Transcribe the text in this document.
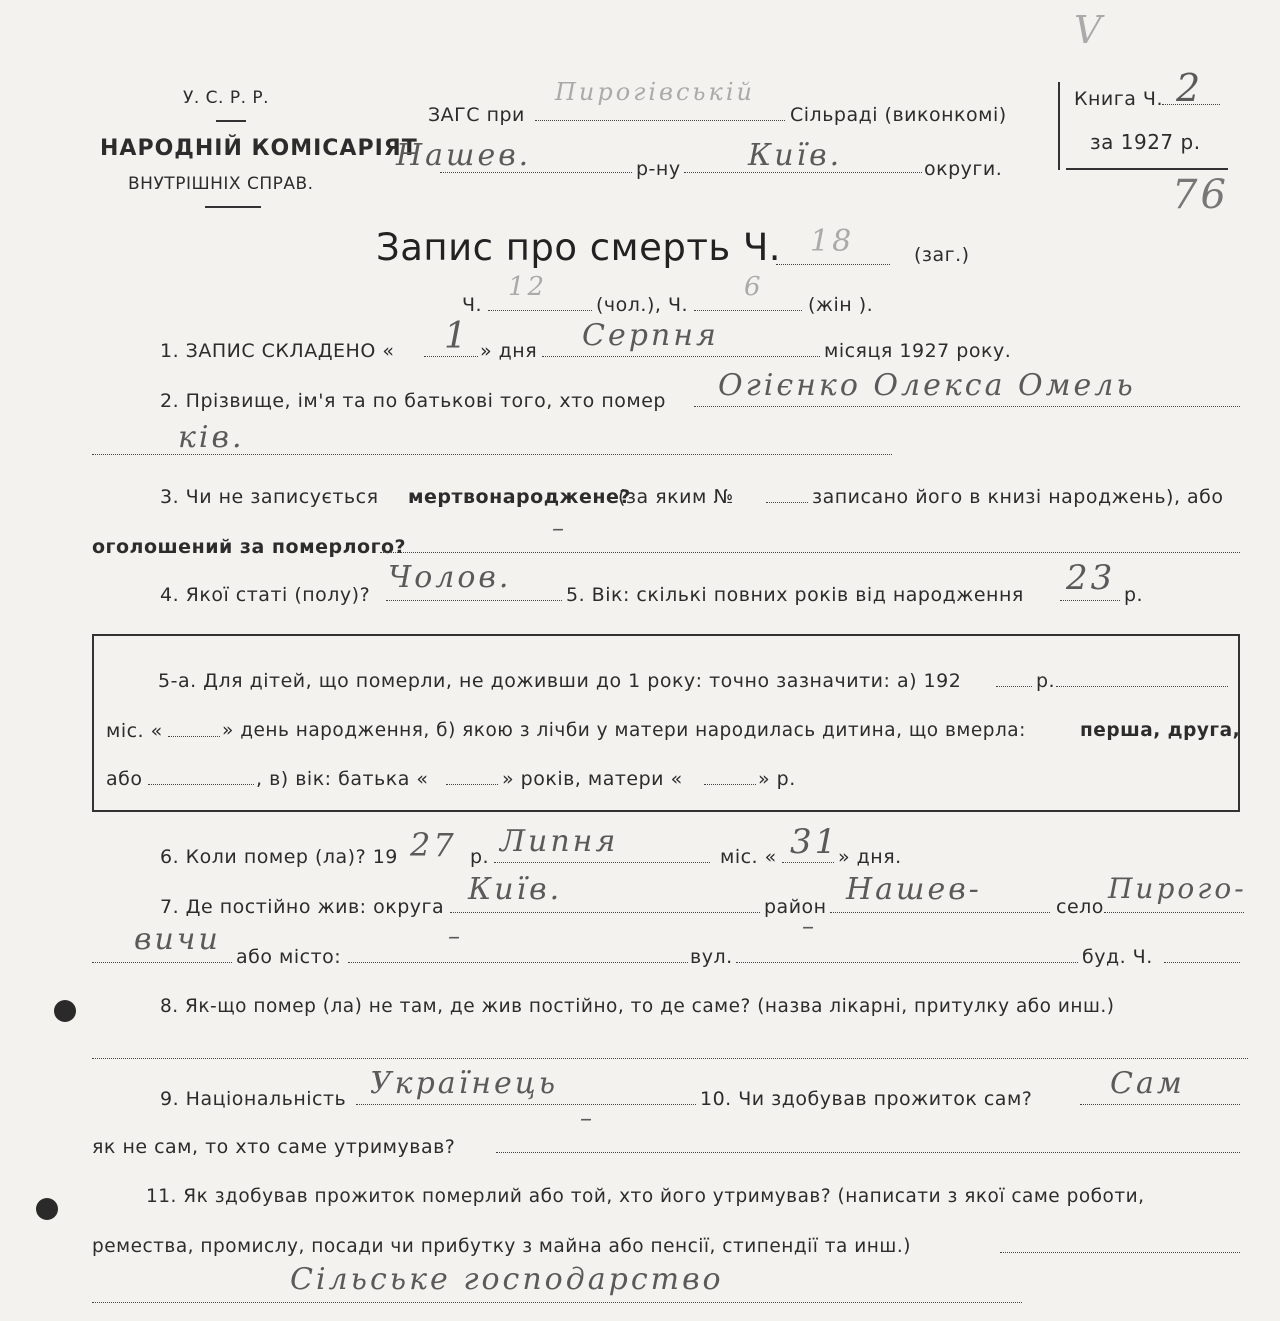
У. С. Р. Р.
НАРОДНІЙ КОМІСАРІЯТ
ВНУТРІШНІХ СПРАВ.
ЗАГС при
Пирогівській
Сільраді (виконкомі)
Нашев.	р-ну Київ.	округи.
Книга Ч. 2
за 1927 р.
V
76
Запис про смерть Ч. 18	(заг.)
Ч.
12
(чол.), Ч.
6
(жін ).
1. ЗАПИС СКЛАДЕНО « 1 » дня Серпня	місяця 1927 року.
2. Прізвище, ім'я та по батькові того, хто помер Огієнко Олекса Омель
ків.
3. Чи не записується мертвонароджене?
(за яким №	записано його в книзі народжень), або
оголошений за померлого?
–
4. Якої статі (полу)? Чолов.	5. Вік: скількі повних років від народження 23 р.
5-а. Для дітей, що померли, не доживши до 1 року: точно зазначити: а) 192	р.
міс. «	» день народження, б) якою з лічби у матери народилась дитина, що вмерла:	перша, друга,
або	, в) вік: батька «	» років, матери «	» р.
6. Коли помер (ла)? 19 27 р. Липня	міс. « 31
» дня.
7. Де постійно жив: округа Київ.	район Нашев-	село
Пирого-
вичи або місто:
–
вул.
–
буд. Ч.
8. Як-що помер (ла) не там, де жив постійно, то де саме? (назва лікарні, притулку або инш.)
9. Національність Українець	10. Чи здобував прожиток сам?	Сам
як не сам, то хто саме утримував?
–
11. Як здобував прожиток померлий або той, хто його утримував? (написати з якої саме роботи,
ремества, промислу, посади чи прибутку з майна або пенсії, стипендії та инш.)
Сільське господарство
